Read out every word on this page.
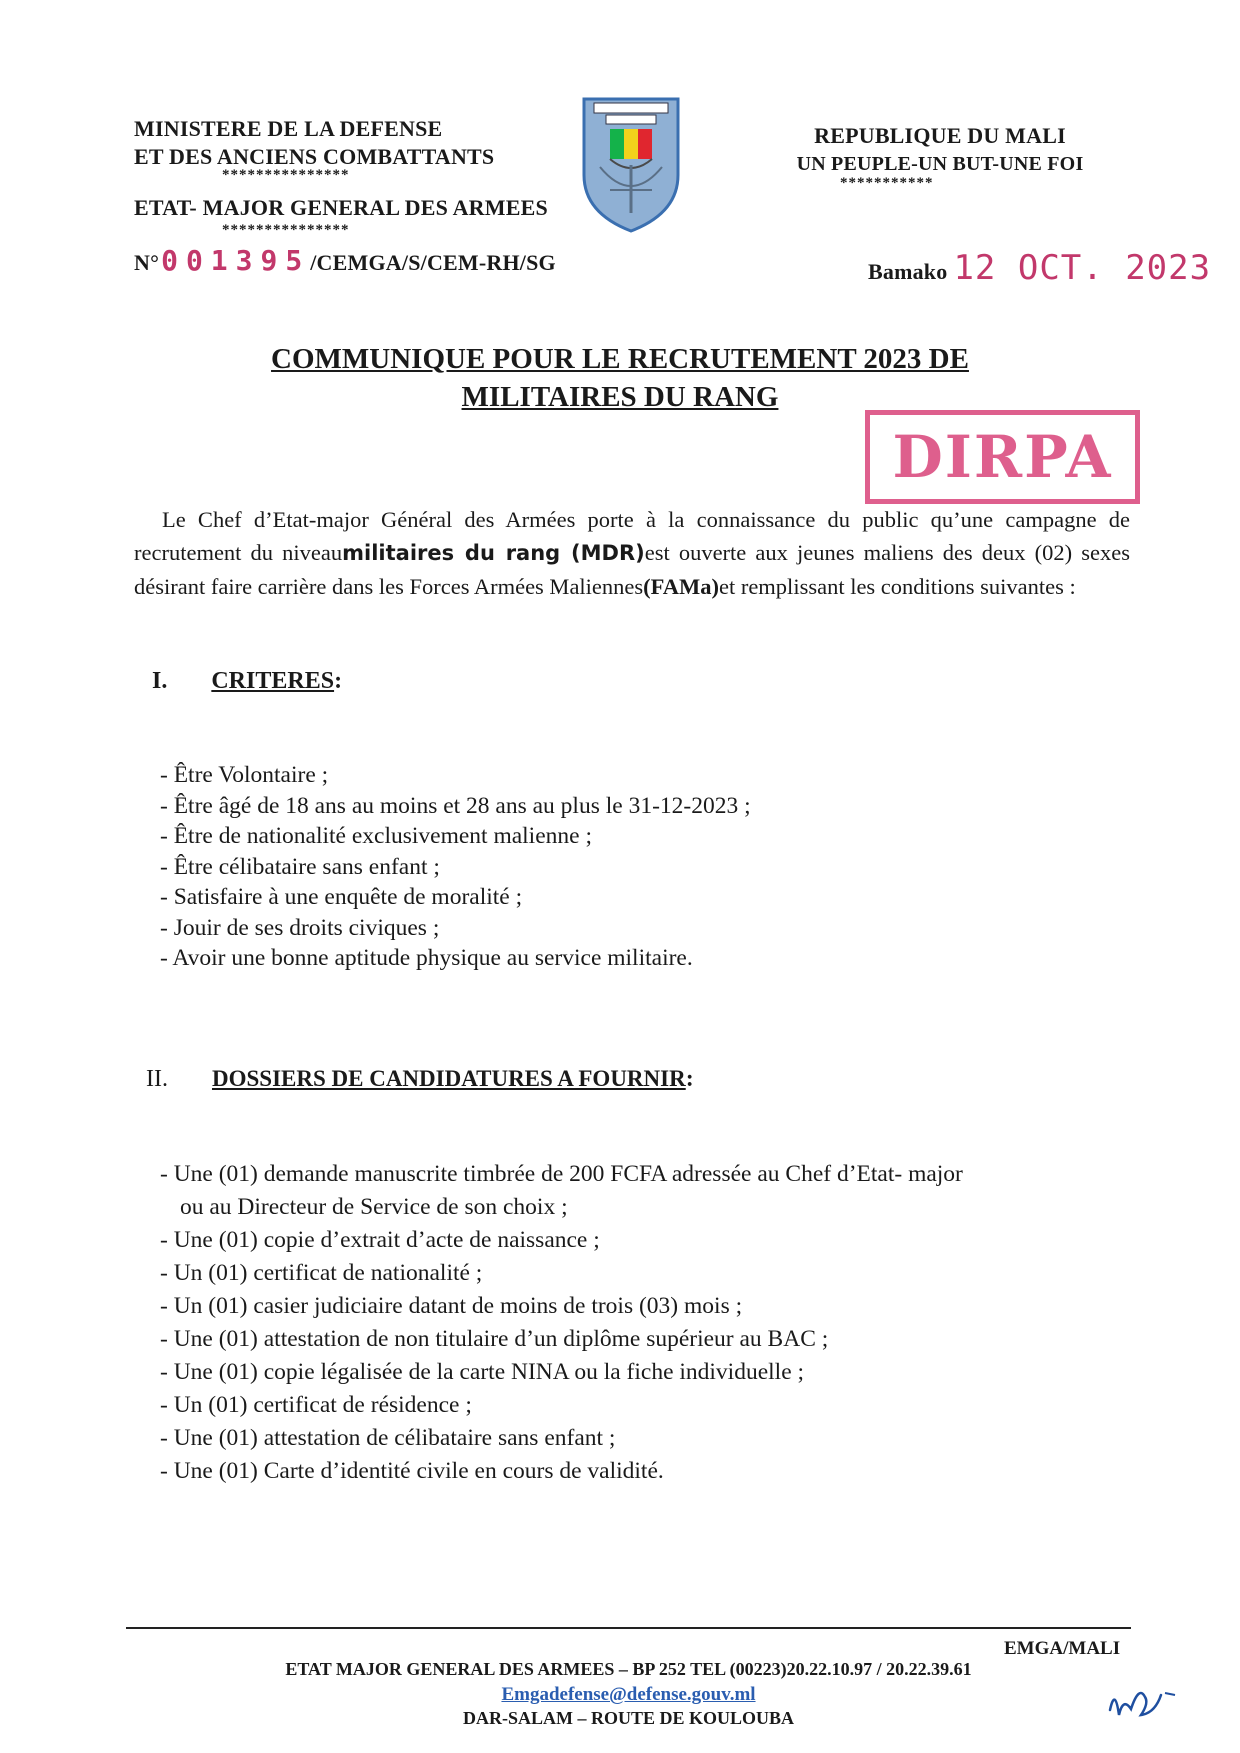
MINISTERE DE LA DEFENSE
ET DES ANCIENS COMBATTANTS
***************
ETAT- MAJOR GENERAL DES ARMEES
***************
N° 001395 /CEMGA/S/CEM-RH/SG
REPUBLIQUE DU MALI
UN PEUPLE-UN BUT-UNE FOI
***********
Bamako 12 OCT. 2023
COMMUNIQUE POUR LE RECRUTEMENT 2023 DE
MILITAIRES DU RANG
DIRPA
Le Chef d’Etat-major Général des Armées porte à la connaissance du public qu’une campagne de recrutement du niveaumilitaires du rang (MDR)est ouverte aux jeunes maliens des deux (02) sexes désirant faire carrière dans les Forces Armées Maliennes(FAMa)et remplissant les conditions suivantes :
I. CRITERES:
- Être Volontaire ;
- Être âgé de 18 ans au moins et 28 ans au plus le 31-12-2023 ;
- Être de nationalité exclusivement malienne ;
- Être célibataire sans enfant ;
- Satisfaire à une enquête de moralité ;
- Jouir de ses droits civiques ;
- Avoir une bonne aptitude physique au service militaire.
II. DOSSIERS DE CANDIDATURES A FOURNIR:
- Une (01) demande manuscrite timbrée de 200 FCFA adressée au Chef d’Etat- major
ou au Directeur de Service de son choix ;
- Une (01) copie d’extrait d’acte de naissance ;
- Un (01) certificat de nationalité ;
- Un (01) casier judiciaire datant de moins de trois (03) mois ;
- Une (01) attestation de non titulaire d’un diplôme supérieur au BAC ;
- Une (01) copie légalisée de la carte NINA ou la fiche individuelle ;
- Un (01) certificat de résidence ;
- Une (01) attestation de célibataire sans enfant ;
- Une (01) Carte d’identité civile en cours de validité.
EMGA/MALI
ETAT MAJOR GENERAL DES ARMEES – BP 252 TEL (00223)20.22.10.97 / 20.22.39.61
Emgadefense@defense.gouv.ml
DAR-SALAM – ROUTE DE KOULOUBA
